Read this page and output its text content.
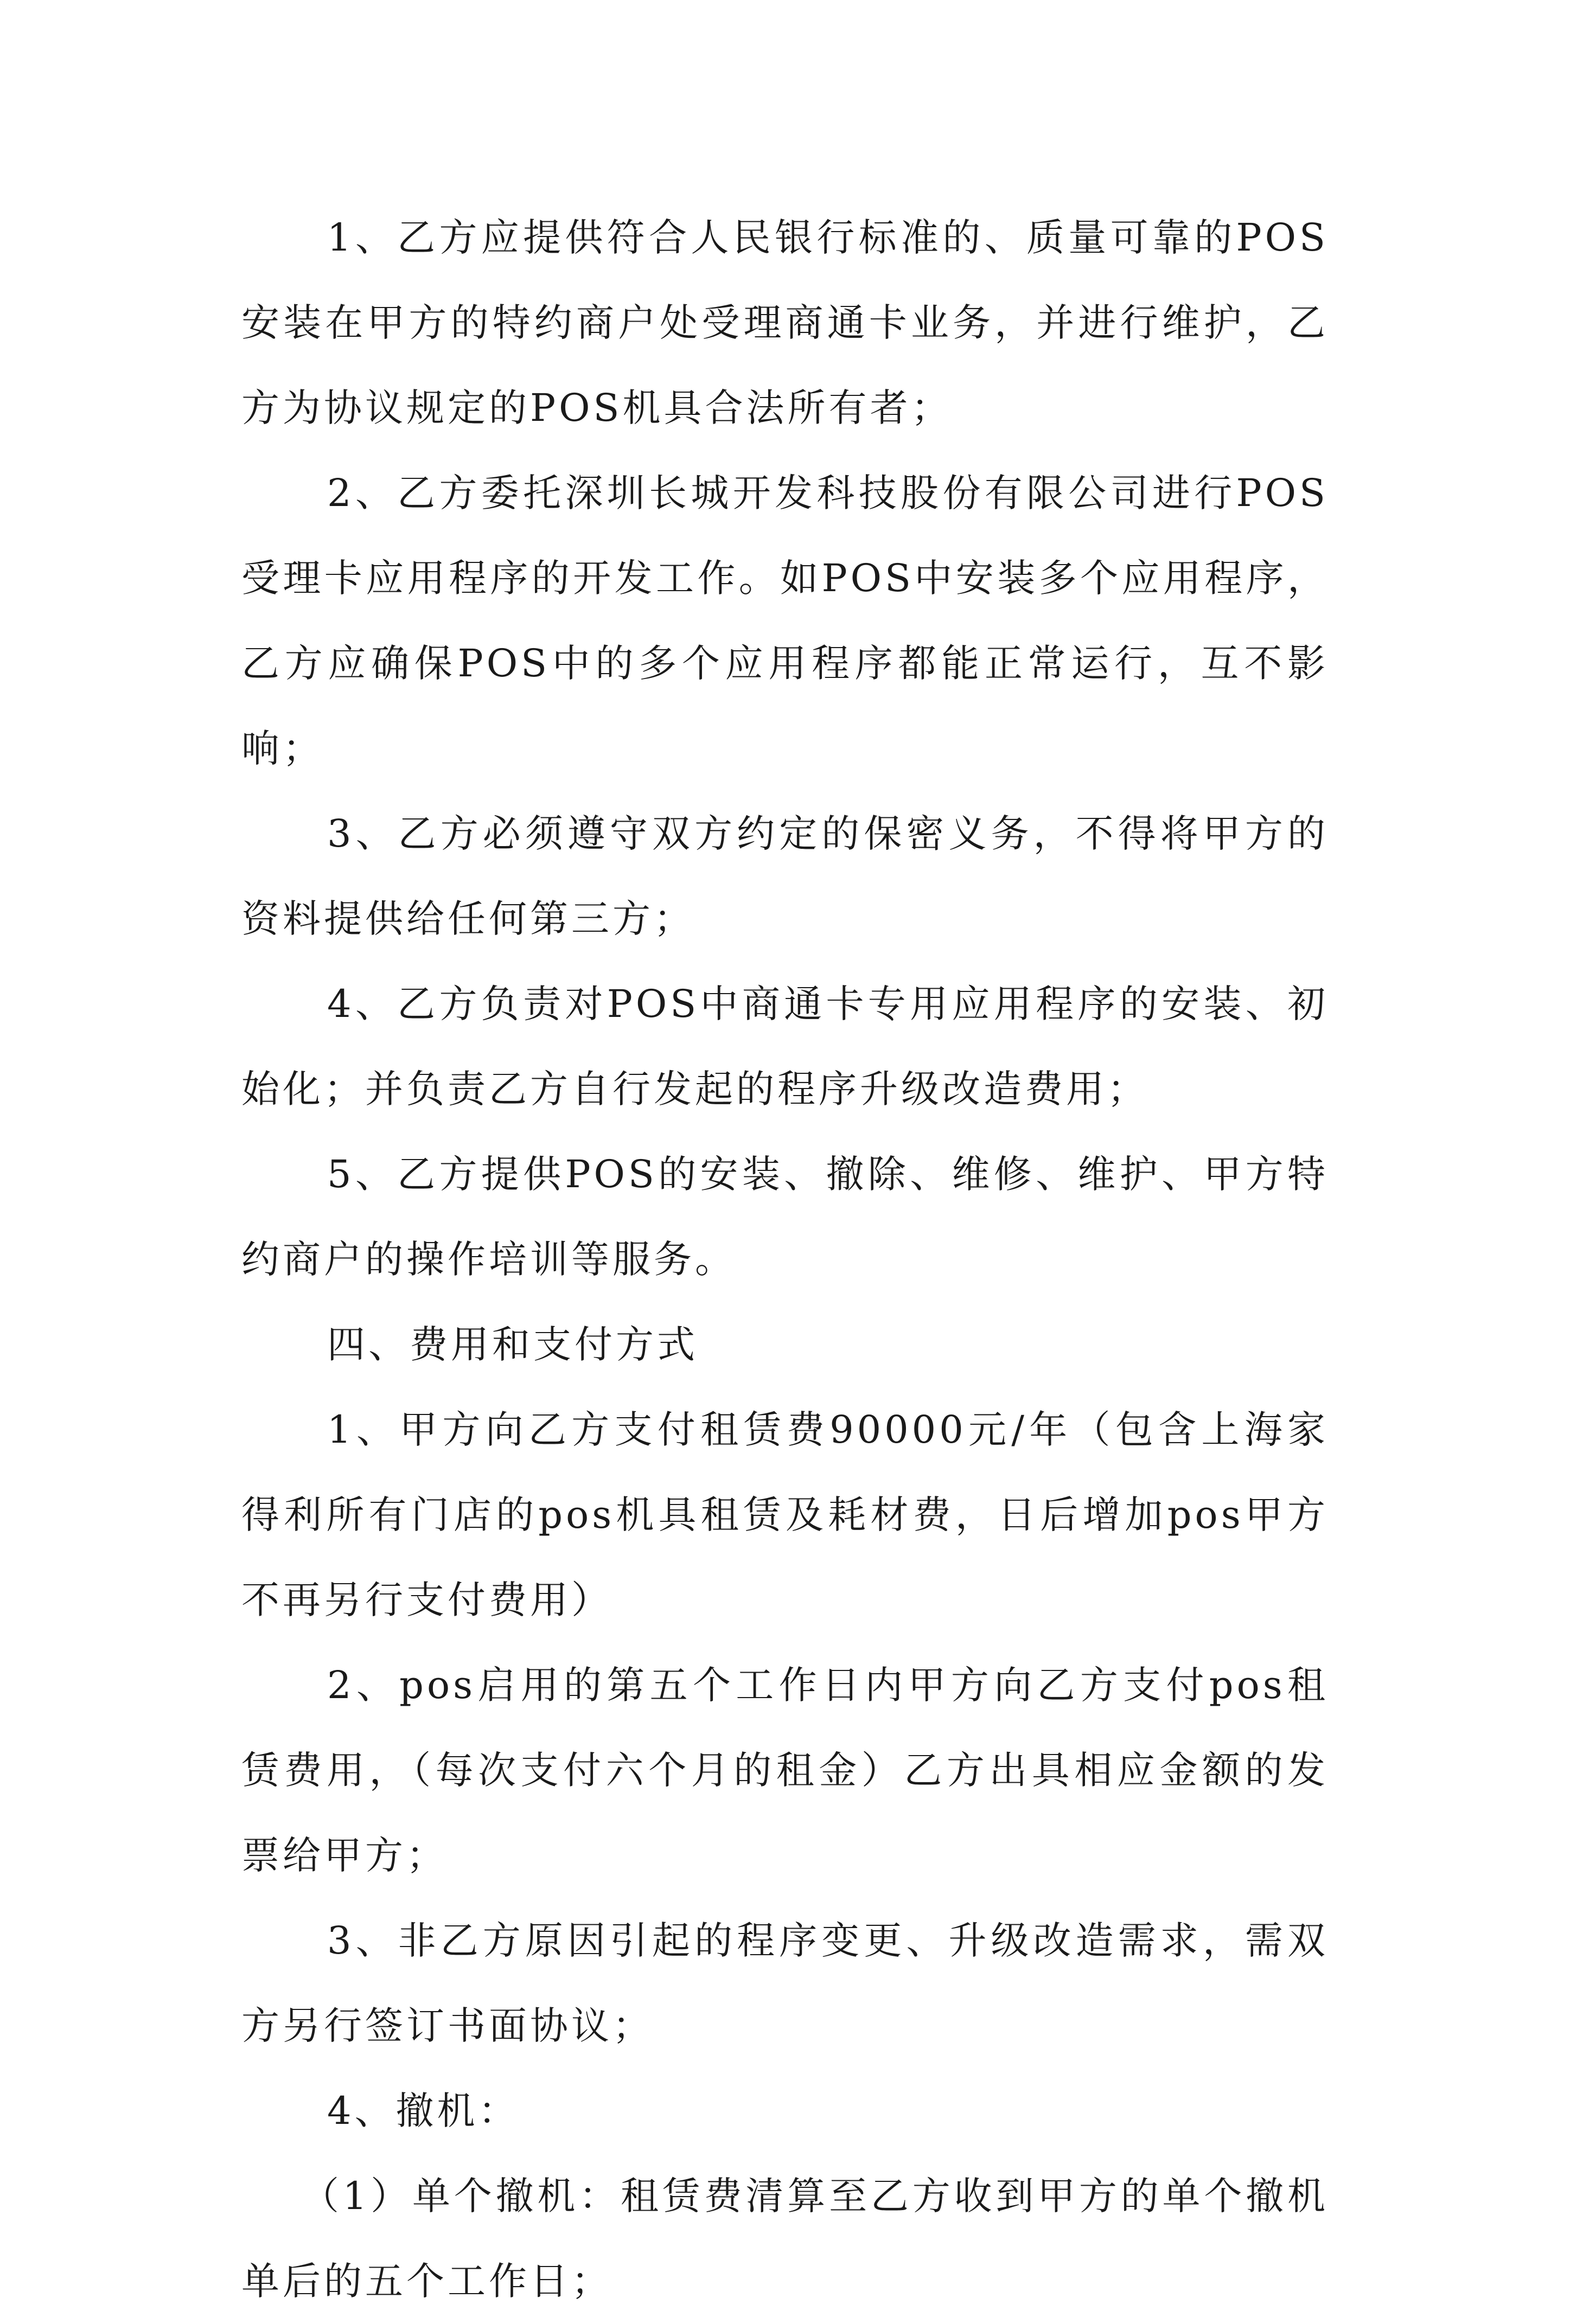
1、乙方应提供符合人民银行标准的、质量可靠的POS安装在甲方的特约商户处受理商通卡业务，并进行维护，乙方为协议规定的POS机具合法所有者；

2、乙方委托深圳长城开发科技股份有限公司进行POS受理卡应用程序的开发工作。如POS中安装多个应用程序，乙方应确保POS中的多个应用程序都能正常运行，互不影响；

3、乙方必须遵守双方约定的保密义务，不得将甲方的资料提供给任何第三方；

4、乙方负责对POS中商通卡专用应用程序的安装、初始化；并负责乙方自行发起的程序升级改造费用；

5、乙方提供POS的安装、撤除、维修、维护、甲方特约商户的操作培训等服务。

四、费用和支付方式

1、甲方向乙方支付租赁费90000元/年（包含上海家得利所有门店的pos机具租赁及耗材费，日后增加pos甲方不再另行支付费用）

2、pos启用的第五个工作日内甲方向乙方支付pos租赁费用，（每次支付六个月的租金）乙方出具相应金额的发票给甲方；

3、非乙方原因引起的程序变更、升级改造需求，需双方另行签订书面协议；

4、撤机：

（1）单个撤机：租赁费清算至乙方收到甲方的单个撤机单后的五个工作日；
